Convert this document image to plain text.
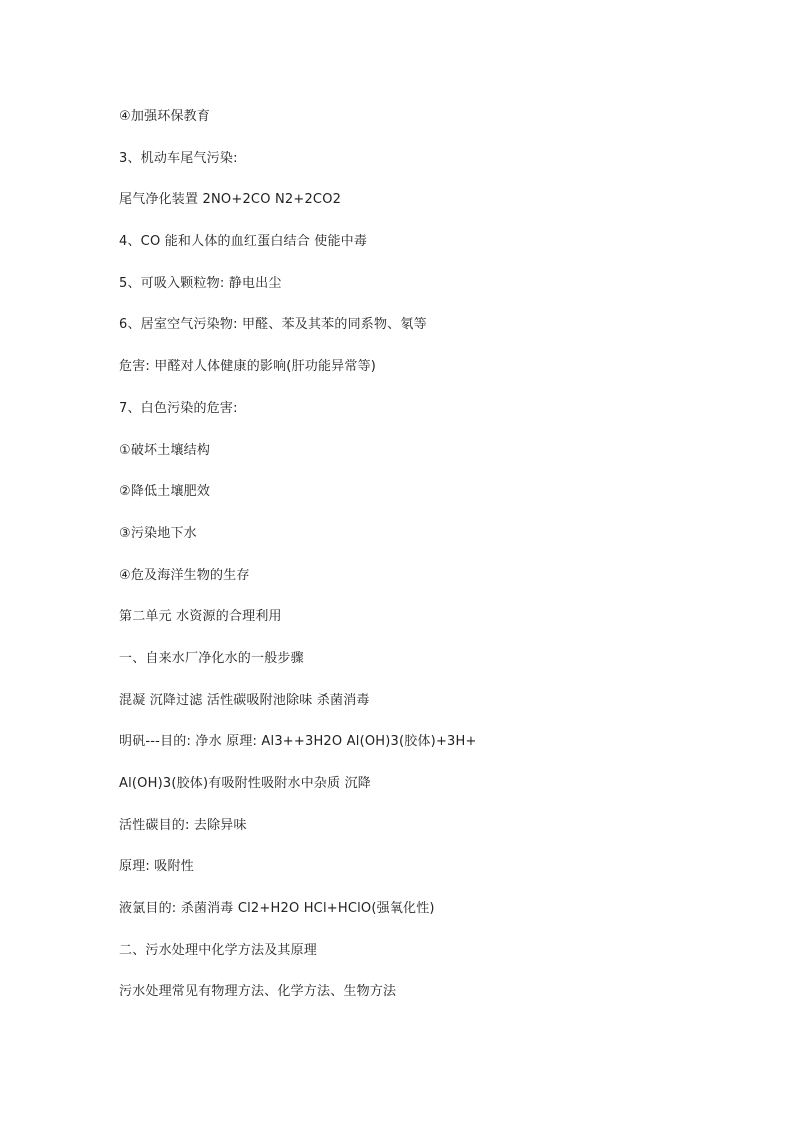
④加强环保教育
3、机动车尾气污染:
尾气净化装置 2NO+2CO N2+2CO2
4、CO 能和人体的血红蛋白结合 使能中毒
5、可吸入颗粒物: 静电出尘
6、居室空气污染物: 甲醛、苯及其苯的同系物、氡等
危害: 甲醛对人体健康的影响(肝功能异常等)
7、白色污染的危害:
①破坏土壤结构
②降低土壤肥效
③污染地下水
④危及海洋生物的生存
第二单元 水资源的合理利用
一、自来水厂净化水的一般步骤
混凝 沉降过滤 活性碳吸附池除味 杀菌消毒
明矾---目的: 净水 原理: Al3++3H2O Al(OH)3(胶体)+3H+
Al(OH)3(胶体)有吸附性吸附水中杂质 沉降
活性碳目的: 去除异味
原理: 吸附性
液氯目的: 杀菌消毒 Cl2+H2O HCl+HClO(强氧化性)
二、污水处理中化学方法及其原理
污水处理常见有物理方法、化学方法、生物方法
